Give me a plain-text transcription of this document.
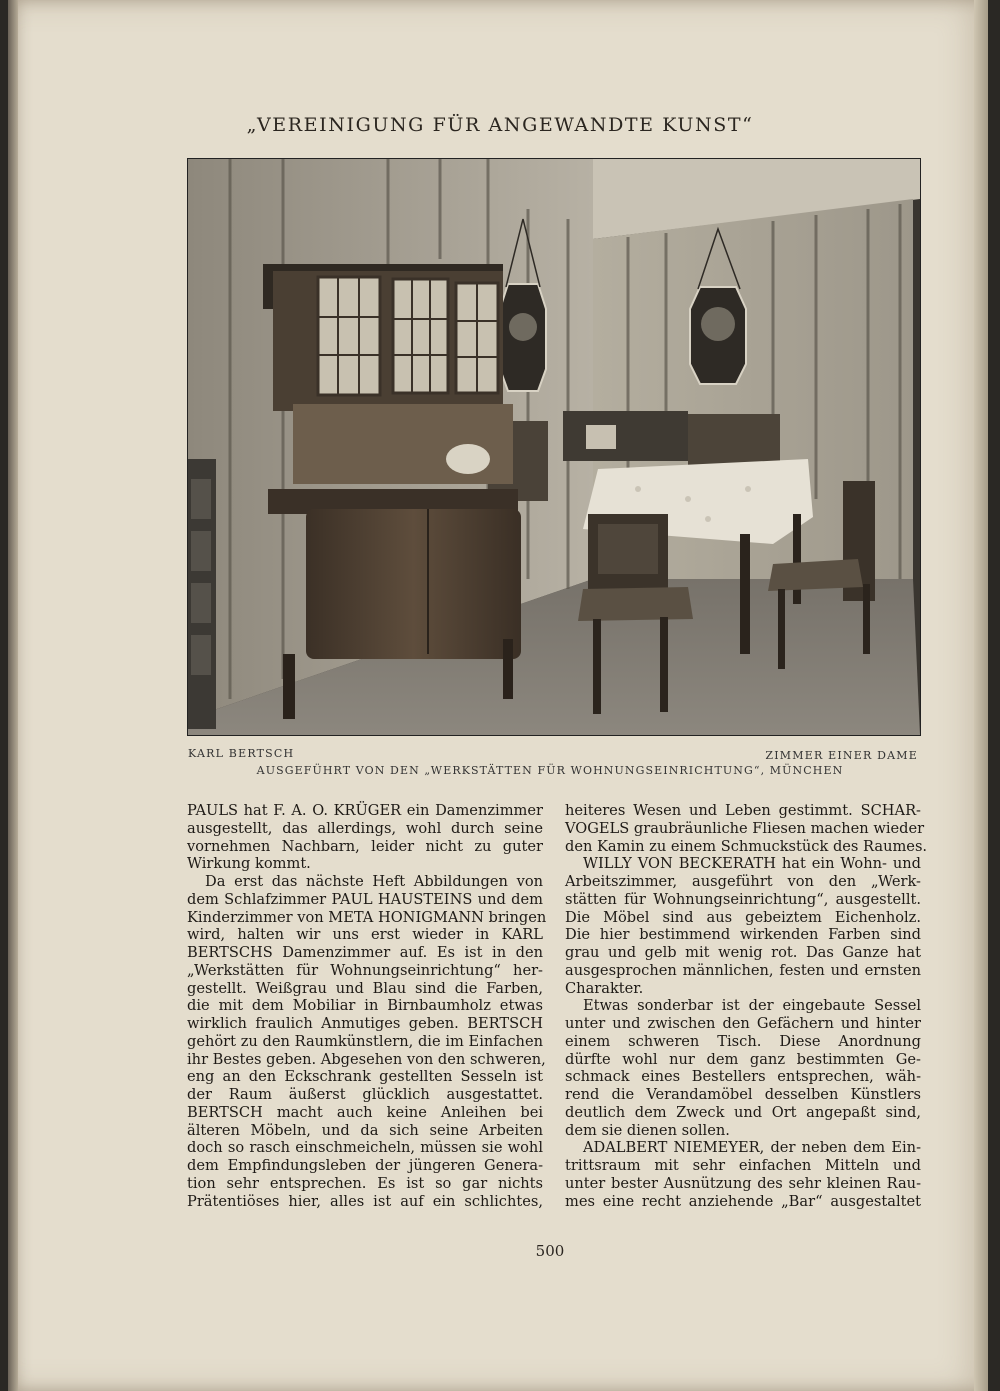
„VEREINIGUNG FÜR ANGEWANDTE KUNST“
KARL BERTSCH	ZIMMER EINER DAME
AUSGEFÜHRT VON DEN „WERKSTÄTTEN FÜR WOHNUNGSEINRICHTUNG“, MÜNCHEN
PAULS hat F. A. O. KRÜGER ein Damenzimmer
ausgestellt, das allerdings, wohl durch seine
vornehmen Nachbarn, leider nicht zu guter
Wirkung kommt.
Da erst das nächste Heft Abbildungen von
dem Schlafzimmer PAUL HAUSTEINS und dem
Kinderzimmer von META HONIGMANN bringen
wird, halten wir uns erst wieder in KARL
BERTSCHS Damenzimmer auf. Es ist in den
„Werkstätten für Wohnungseinrichtung“ her-
gestellt. Weißgrau und Blau sind die Farben,
die mit dem Mobiliar in Birnbaumholz etwas
wirklich fraulich Anmutiges geben. BERTSCH
gehört zu den Raumkünstlern, die im Einfachen
ihr Bestes geben. Abgesehen von den schweren,
eng an den Eckschrank gestellten Sesseln ist
der Raum äußerst glücklich ausgestattet.
BERTSCH macht auch keine Anleihen bei
älteren Möbeln, und da sich seine Arbeiten
doch so rasch einschmeicheln, müssen sie wohl
dem Empfindungsleben der jüngeren Genera-
tion sehr entsprechen. Es ist so gar nichts
Prätentiöses hier, alles ist auf ein schlichtes,
heiteres Wesen und Leben gestimmt. SCHAR-
VOGELS graubräunliche Fliesen machen wieder
den Kamin zu einem Schmuckstück des Raumes.
WILLY VON BECKERATH hat ein Wohn- und
Arbeitszimmer, ausgeführt von den „Werk-
stätten für Wohnungseinrichtung“, ausgestellt.
Die Möbel sind aus gebeiztem Eichenholz.
Die hier bestimmend wirkenden Farben sind
grau und gelb mit wenig rot. Das Ganze hat
ausgesprochen männlichen, festen und ernsten
Charakter.
Etwas sonderbar ist der eingebaute Sessel
unter und zwischen den Gefächern und hinter
einem schweren Tisch. Diese Anordnung
dürfte wohl nur dem ganz bestimmten Ge-
schmack eines Bestellers entsprechen, wäh-
rend die Verandamöbel desselben Künstlers
deutlich dem Zweck und Ort angepaßt sind,
dem sie dienen sollen.
ADALBERT NIEMEYER, der neben dem Ein-
trittsraum mit sehr einfachen Mitteln und
unter bester Ausnützung des sehr kleinen Rau-
mes eine recht anziehende „Bar“ ausgestaltet
500
